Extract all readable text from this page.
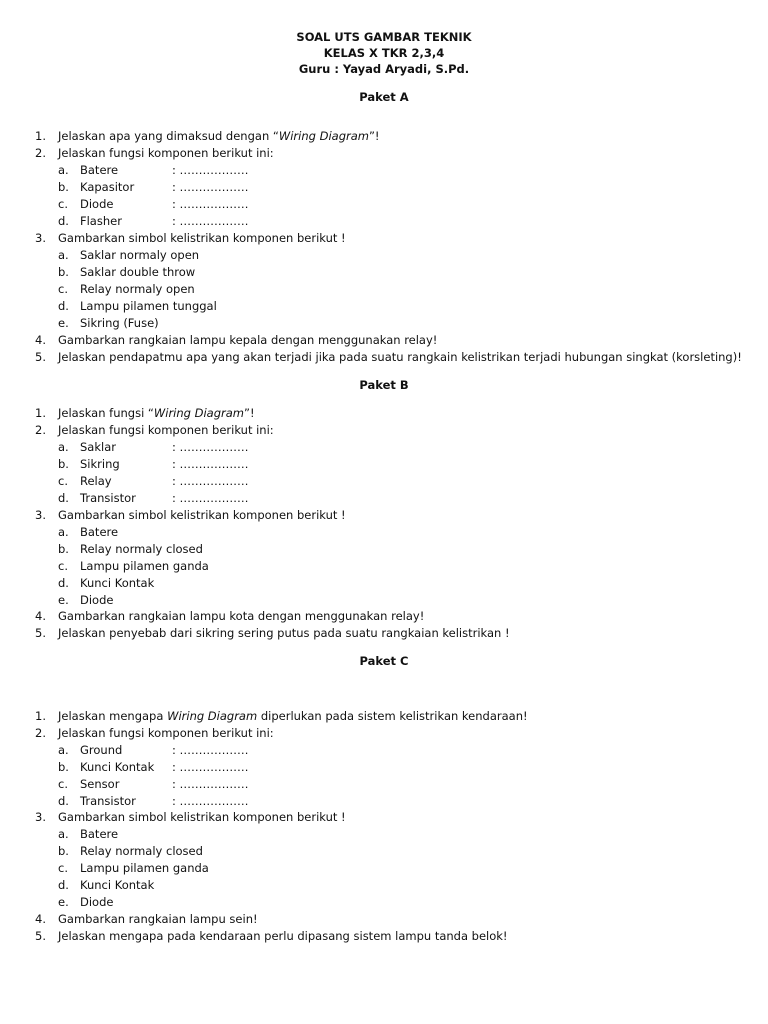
SOAL UTS GAMBAR TEKNIK
KELAS X TKR 2,3,4
Guru : Yayad Aryadi, S.Pd.
Paket A
1. Jelaskan apa yang dimaksud dengan “Wiring Diagram”!
2. Jelaskan fungsi komponen berikut ini:
a. Batere	: ………………
b. Kapasitor	: ………………
c. Diode	: ………………
d. Flasher	: ………………
3. Gambarkan simbol kelistrikan komponen berikut !
a. Saklar normaly open
b. Saklar double throw
c. Relay normaly open
d. Lampu pilamen tunggal
e. Sikring (Fuse)
4. Gambarkan rangkaian lampu kepala dengan menggunakan relay!
5. Jelaskan pendapatmu apa yang akan terjadi jika pada suatu rangkain kelistrikan terjadi hubungan singkat (korsleting)!
Paket B
1. Jelaskan fungsi “Wiring Diagram”!
2. Jelaskan fungsi komponen berikut ini:
a. Saklar	: ………………
b. Sikring	: ………………
c. Relay	: ………………
d. Transistor	: ………………
3. Gambarkan simbol kelistrikan komponen berikut !
a. Batere
b. Relay normaly closed
c. Lampu pilamen ganda
d. Kunci Kontak
e. Diode
4. Gambarkan rangkaian lampu kota dengan menggunakan relay!
5. Jelaskan penyebab dari sikring sering putus pada suatu rangkaian kelistrikan !
Paket C
1. Jelaskan mengapa Wiring Diagram diperlukan pada sistem kelistrikan kendaraan!
2. Jelaskan fungsi komponen berikut ini:
a. Ground	: ………………
b. Kunci Kontak : ………………
c. Sensor	: ………………
d. Transistor	: ………………
3. Gambarkan simbol kelistrikan komponen berikut !
a. Batere
b. Relay normaly closed
c. Lampu pilamen ganda
d. Kunci Kontak
e. Diode
4. Gambarkan rangkaian lampu sein!
5. Jelaskan mengapa pada kendaraan perlu dipasang sistem lampu tanda belok!
